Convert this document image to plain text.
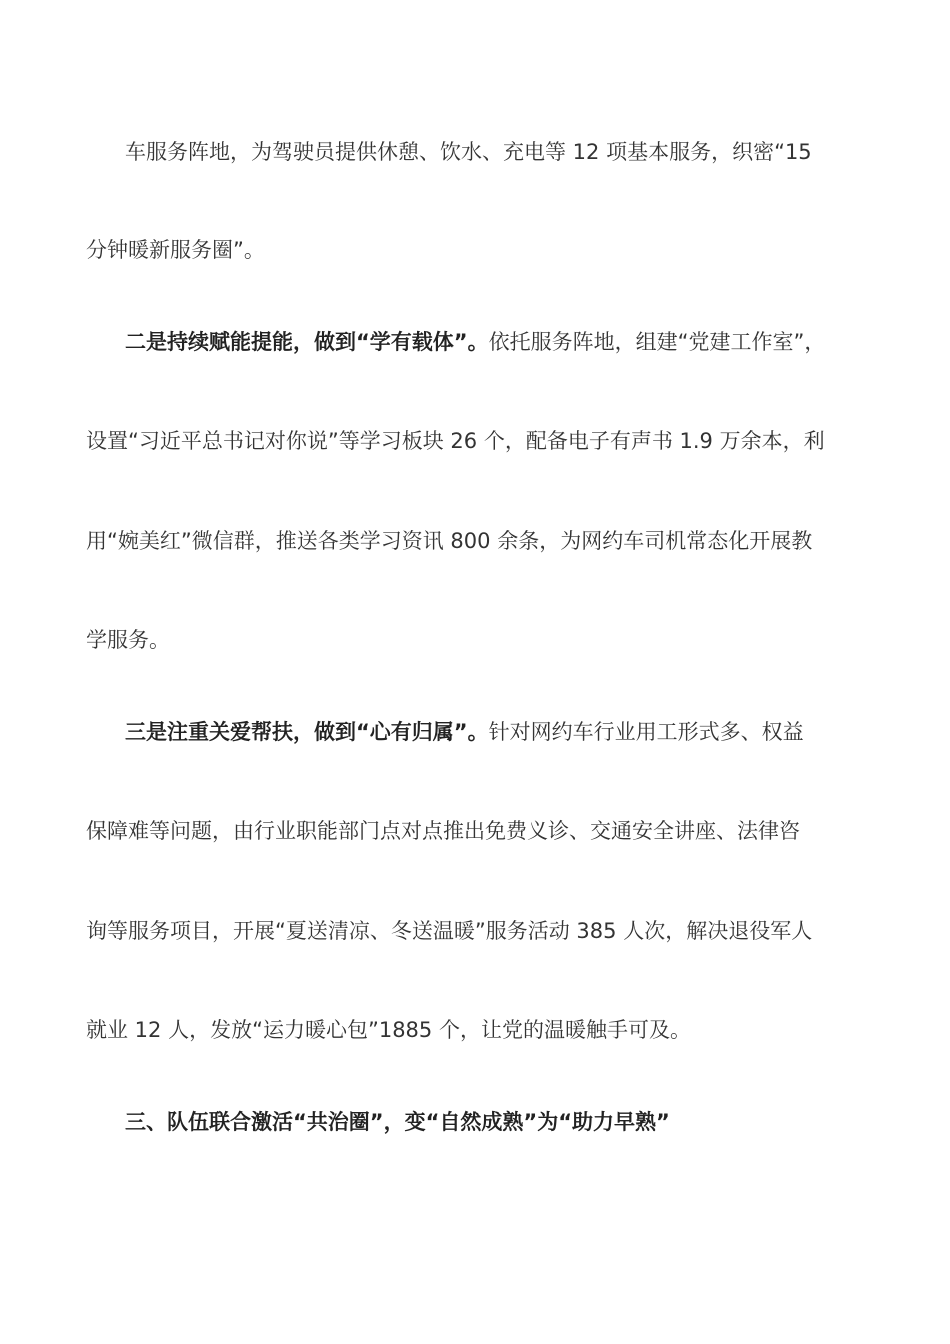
车服务阵地，为驾驶员提供休憩、饮水、充电等 12 项基本服务，织密“15
分钟暖新服务圈”。
二是持续赋能提能，做到“学有载体”。依托服务阵地，组建“党建工作室”，
设置“习近平总书记对你说”等学习板块 26 个，配备电子有声书 1.9 万余本，利
用“婉美红”微信群，推送各类学习资讯 800 余条，为网约车司机常态化开展教
学服务。
三是注重关爱帮扶，做到“心有归属”。针对网约车行业用工形式多、权益
保障难等问题，由行业职能部门点对点推出免费义诊、交通安全讲座、法律咨
询等服务项目，开展“夏送清凉、冬送温暖”服务活动 385 人次，解决退役军人
就业 12 人，发放“运力暖心包”1885 个，让党的温暖触手可及。
三、队伍联合激活“共治圈”，变“自然成熟”为“助力早熟”
